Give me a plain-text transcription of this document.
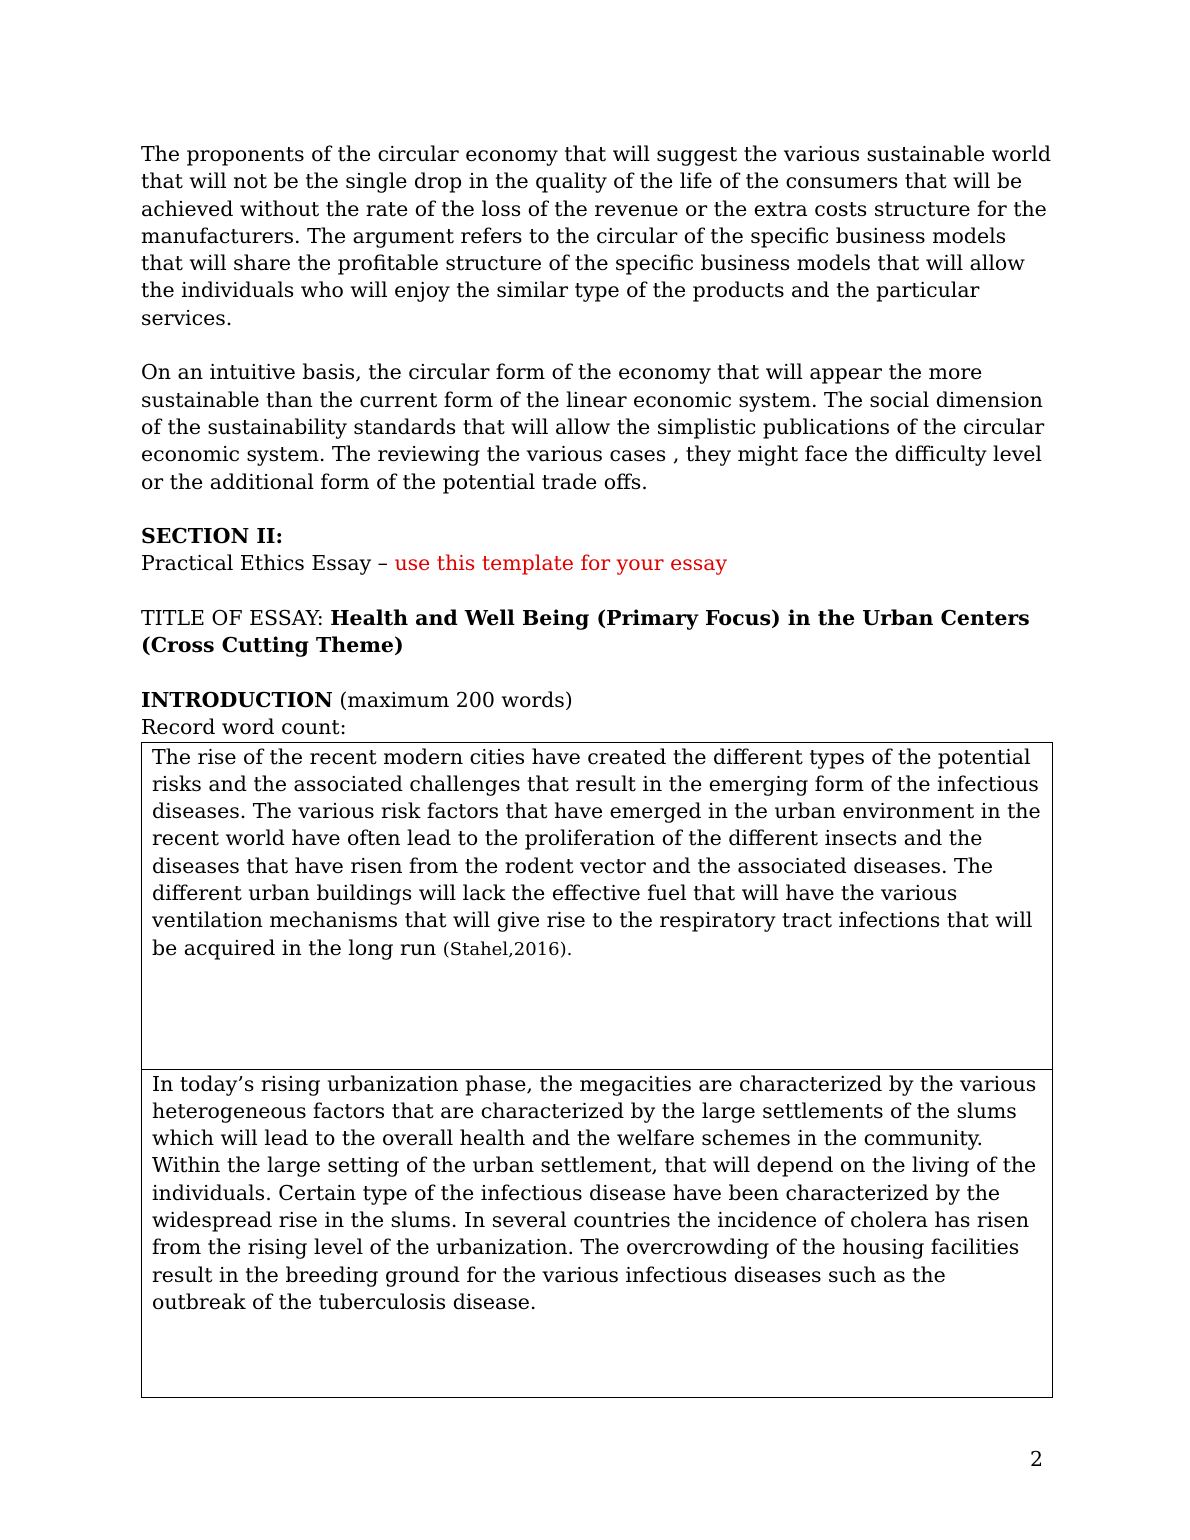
The proponents of the circular economy that will suggest the various sustainable world that will not be the single drop in the quality of the life of the consumers that will be achieved without the rate of the loss of the revenue or the extra costs structure for the manufacturers. The argument refers to the circular of the specific business models that will share the profitable structure of the specific business models that will allow the individuals who will enjoy the similar type of the products and the particular services.

On an intuitive basis, the circular form of the economy that will appear the more sustainable than the current form of the linear economic system. The social dimension of the sustainability standards that will allow the simplistic publications of the circular economic system. The reviewing the various cases , they might face the difficulty level or the additional form of the potential trade offs.

SECTION II:

Practical Ethics Essay – use this template for your essay

TITLE OF ESSAY: Health and Well Being (Primary Focus) in the Urban Centers (Cross Cutting Theme)

INTRODUCTION (maximum 200 words)

Record word count:

The rise of the recent modern cities have created the different types of the potential risks and the associated challenges that result in the emerging form of the infectious diseases. The various risk factors that have emerged in the urban environment in the recent world have often lead to the proliferation of the different insects and the diseases that have risen from the rodent vector and the associated diseases. The different urban buildings will lack the effective fuel that will have the various ventilation mechanisms that will give rise to the respiratory tract infections that will be acquired in the long run (Stahel,2016).
In today’s rising urbanization phase, the megacities are characterized by the various heterogeneous factors that are characterized by the large settlements of the slums which will lead to the overall health and the welfare schemes in the community. Within the large setting of the urban settlement, that will depend on the living of the individuals. Certain type of the infectious disease have been characterized by the widespread rise in the slums. In several countries the incidence of cholera has risen from the rising level of the urbanization. The overcrowding of the housing facilities result in the breeding ground for the various infectious diseases such as the outbreak of the tuberculosis disease.
2
